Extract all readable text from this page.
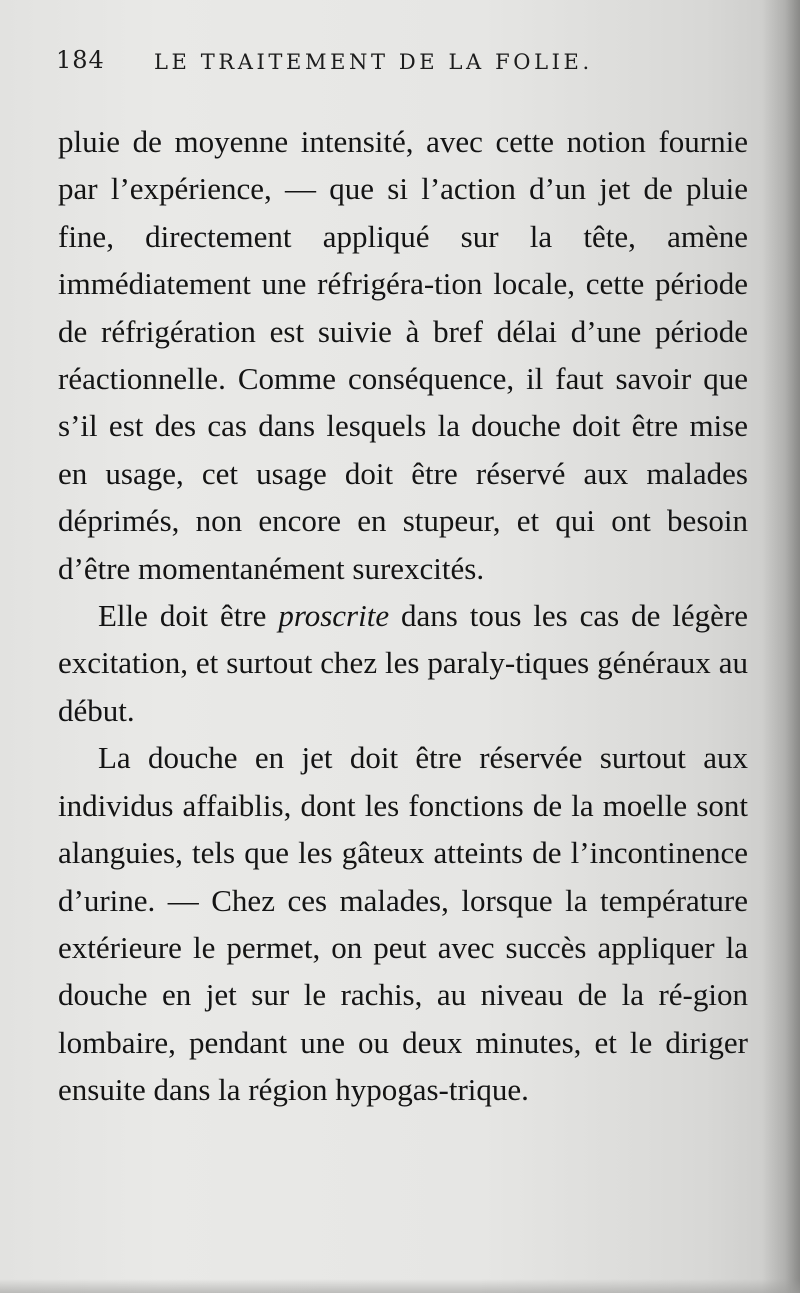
184 LE TRAITEMENT DE LA FOLIE.

pluie de moyenne intensité, avec cette notion fournie par l’expérience, — que si l’action d’un jet de pluie fine, directement appliqué sur la tête, amène immédiatement une réfrigéra-tion locale, cette période de réfrigération est suivie à bref délai d’une période réactionnelle. Comme conséquence, il faut savoir que s’il est des cas dans lesquels la douche doit être mise en usage, cet usage doit être réservé aux malades déprimés, non encore en stupeur, et qui ont besoin d’être momentanément surexcités.

Elle doit être proscrite dans tous les cas de légère excitation, et surtout chez les paraly-tiques généraux au début.

La douche en jet doit être réservée surtout aux individus affaiblis, dont les fonctions de la moelle sont alanguies, tels que les gâteux atteints de l’incontinence d’urine. — Chez ces malades, lorsque la température extérieure le permet, on peut avec succès appliquer la douche en jet sur le rachis, au niveau de la ré-gion lombaire, pendant une ou deux minutes, et le diriger ensuite dans la région hypogas-trique.
